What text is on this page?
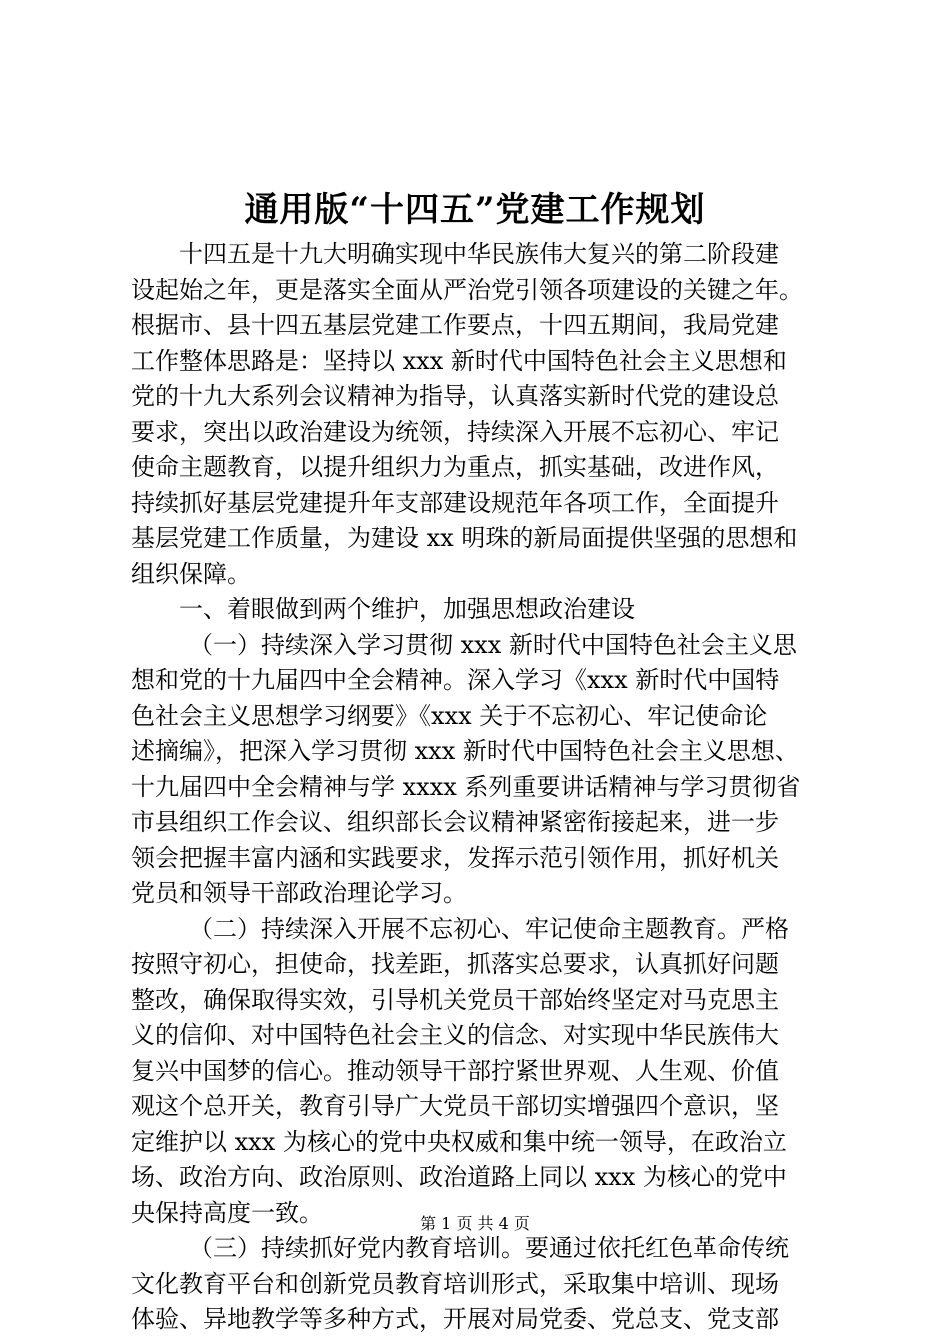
通用版“十四五”党建工作规划
十四五是十九大明确实现中华民族伟大复兴的第二阶段建
设起始之年，更是落实全面从严治党引领各项建设的关键之年。
根据市、县十四五基层党建工作要点，十四五期间，我局党建
工作整体思路是：坚持以 xxx 新时代中国特色社会主义思想和
党的十九大系列会议精神为指导，认真落实新时代党的建设总
要求，突出以政治建设为统领，持续深入开展不忘初心、牢记
使命主题教育，以提升组织力为重点，抓实基础，改进作风，
持续抓好基层党建提升年支部建设规范年各项工作，全面提升
基层党建工作质量，为建设 xx 明珠的新局面提供坚强的思想和
组织保障。
一、着眼做到两个维护，加强思想政治建设
（一）持续深入学习贯彻 xxx 新时代中国特色社会主义思
想和党的十九届四中全会精神。深入学习《xxx 新时代中国特
色社会主义思想学习纲要》《xxx 关于不忘初心、牢记使命论
述摘编》，把深入学习贯彻 xxx 新时代中国特色社会主义思想、
十九届四中全会精神与学 xxxx 系列重要讲话精神与学习贯彻省
市县组织工作会议、组织部长会议精神紧密衔接起来，进一步
领会把握丰富内涵和实践要求，发挥示范引领作用，抓好机关
党员和领导干部政治理论学习。
（二）持续深入开展不忘初心、牢记使命主题教育。严格
按照守初心，担使命，找差距，抓落实总要求，认真抓好问题
整改，确保取得实效，引导机关党员干部始终坚定对马克思主
义的信仰、对中国特色社会主义的信念、对实现中华民族伟大
复兴中国梦的信心。推动领导干部拧紧世界观、人生观、价值
观这个总开关，教育引导广大党员干部切实增强四个意识，坚
定维护以 xxx 为核心的党中央权威和集中统一领导，在政治立
场、政治方向、政治原则、政治道路上同以 xxx 为核心的党中
央保持高度一致。
（三）持续抓好党内教育培训。要通过依托红色革命传统
文化教育平台和创新党员教育培训形式，采取集中培训、现场
体验、异地教学等多种方式，开展对局党委、党总支、党支部
第 1 页 共 4 页
